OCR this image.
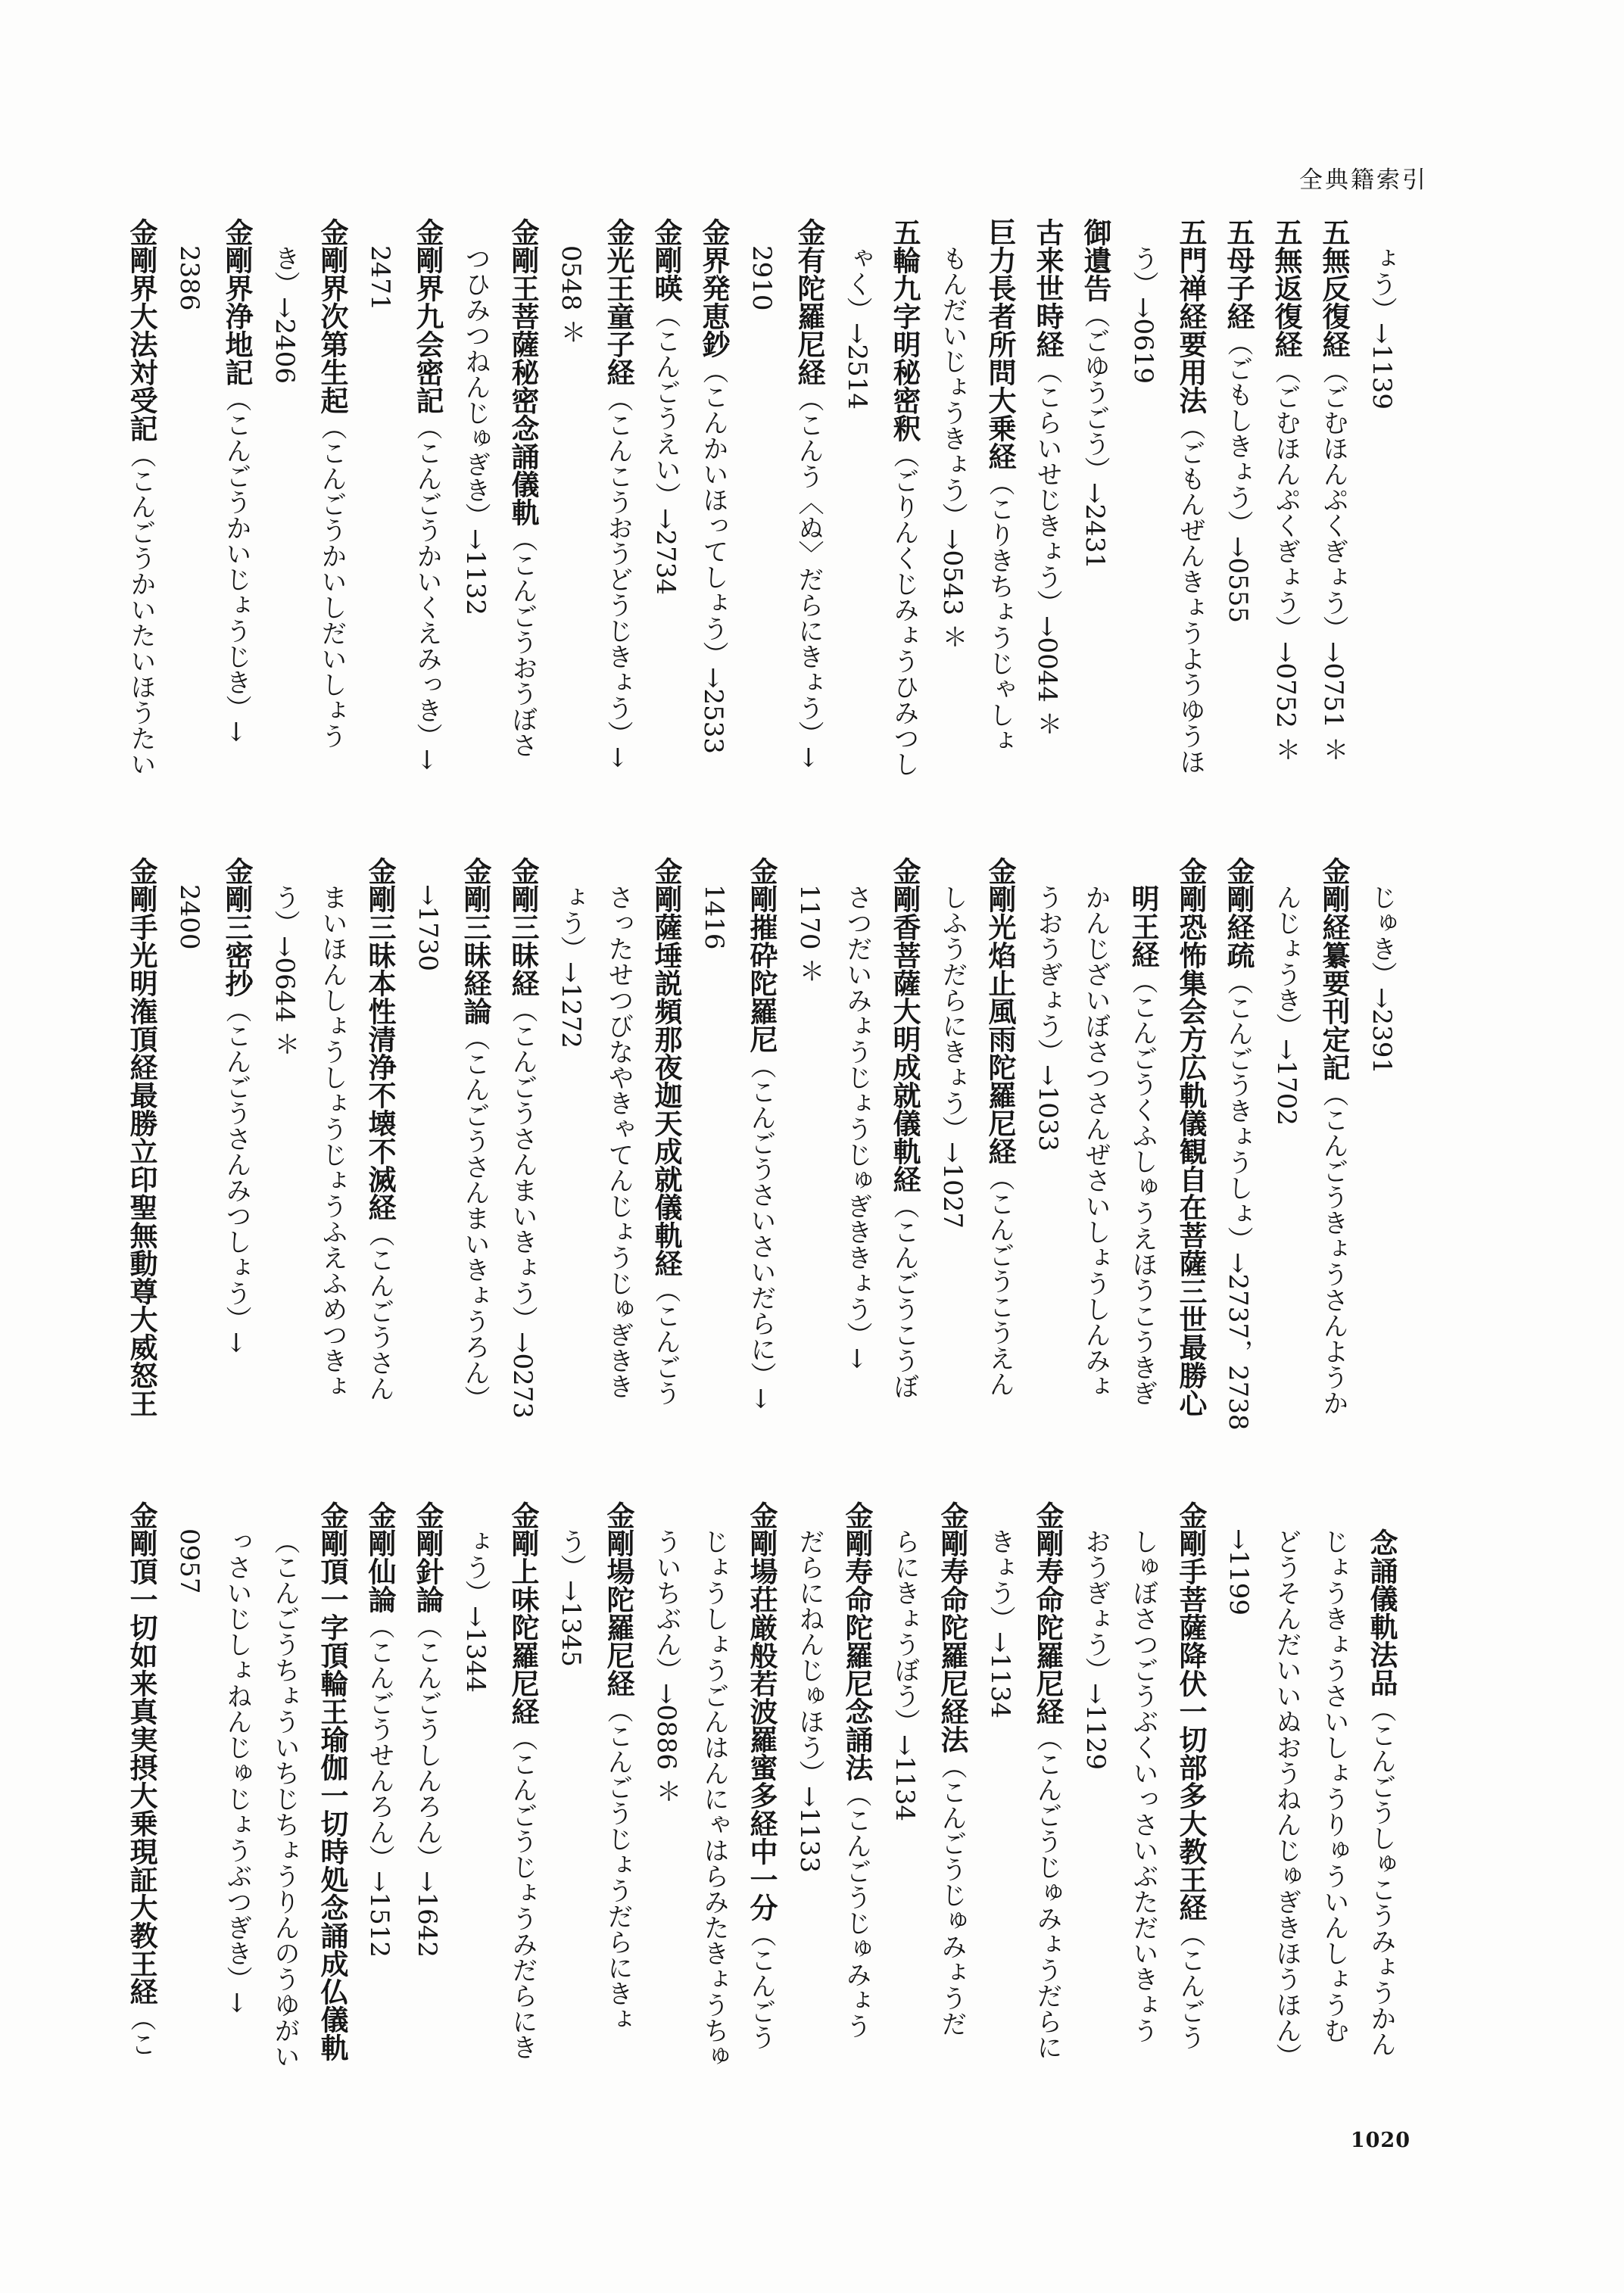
全典籍索引
ょう）→1139
五無反復経（ごむほんぷくぎょう）→0751 ＊
五無返復経（ごむほんぷくぎょう）→0752 ＊
五母子経（ごもしきょう）→0555
五門禅経要用法（ごもんぜんきょうようゆうほ
う）→0619
御遺告（ごゆうごう）→2431
古来世時経（こらいせじきょう）→0044 ＊
巨力長者所問大乗経（こりきちょうじゃしょ
もんだいじょうきょう）→0543 ＊
五輪九字明秘密釈（ごりんくじみょうひみつし
ゃく）→2514
金有陀羅尼経（こんう〈ぬ〉だらにきょう）→
2910
金界発恵鈔（こんかいほってしょう）→2533
金剛暎（こんごうえい）→2734
金光王童子経（こんこうおうどうじきょう）→
0548 ＊
金剛王菩薩秘密念誦儀軌（こんごうおうぼさ
つひみつねんじゅぎき）→1132
金剛界九会密記（こんごうかいくえみっき）→
2471
金剛界次第生起（こんごうかいしだいしょう
き）→2406
金剛界浄地記（こんごうかいじょうじき）→
2386
金剛界大法対受記（こんごうかいたいほうたい
じゅき）→2391
金剛経纂要刊定記（こんごうきょうさんようか
んじょうき）→1702
金剛経疏（こんごうきょうしょ）→2737，2738
金剛恐怖集会方広軌儀観自在菩薩三世最勝心
明王経（こんごうくふしゅうえほうこうきぎ
かんじざいぼさつさんぜさいしょうしんみょ
うおうぎょう）→1033
金剛光焰止風雨陀羅尼経（こんごうこうえん
しふうだらにきょう）→1027
金剛香菩薩大明成就儀軌経（こんごうこうぼ
さつだいみょうじょうじゅぎききょう）→
1170 ＊
金剛摧砕陀羅尼（こんごうさいさいだらに）→
1416
金剛薩埵説頻那夜迦天成就儀軌経（こんごう
さったせつびなやきゃてんじょうじゅぎきき
ょう）→1272
金剛三昧経（こんごうさんまいきょう）→0273
金剛三昧経論（こんごうさんまいきょうろん）
→1730
金剛三昧本性清浄不壊不滅経（こんごうさん
まいほんしょうしょうじょうふえふめつきょ
う）→0644 ＊
金剛三密抄（こんごうさんみつしょう）→
2400
金剛手光明潅頂経最勝立印聖無動尊大威怒王
念誦儀軌法品（こんごうしゅこうみょうかん
じょうきょうさいしょうりゅういんしょうむ
どうそんだいいぬおうねんじゅぎきほうほん）
→1199
金剛手菩薩降伏一切部多大教王経（こんごう
しゅぼさつごうぶくいっさいぶただいきょう
おうぎょう）→1129
金剛寿命陀羅尼経（こんごうじゅみょうだらに
きょう）→1134
金剛寿命陀羅尼経法（こんごうじゅみょうだ
らにきょうぼう）→1134
金剛寿命陀羅尼念誦法（こんごうじゅみょう
だらにねんじゅほう）→1133
金剛場荘厳般若波羅蜜多経中一分（こんごう
じょうしょうごんはんにゃはらみたきょうちゅ
ういちぶん）→0886 ＊
金剛場陀羅尼経（こんごうじょうだらにきょ
う）→1345
金剛上味陀羅尼経（こんごうじょうみだらにき
ょう）→1344
金剛針論（こんごうしんろん）→1642
金剛仙論（こんごうせんろん）→1512
金剛頂一字頂輪王瑜伽一切時処念誦成仏儀軌
（こんごうちょういちじちょうりんのうゆがい
っさいじしょねんじゅじょうぶつぎき）→
0957
金剛頂一切如来真実摂大乗現証大教王経（こ
1020
